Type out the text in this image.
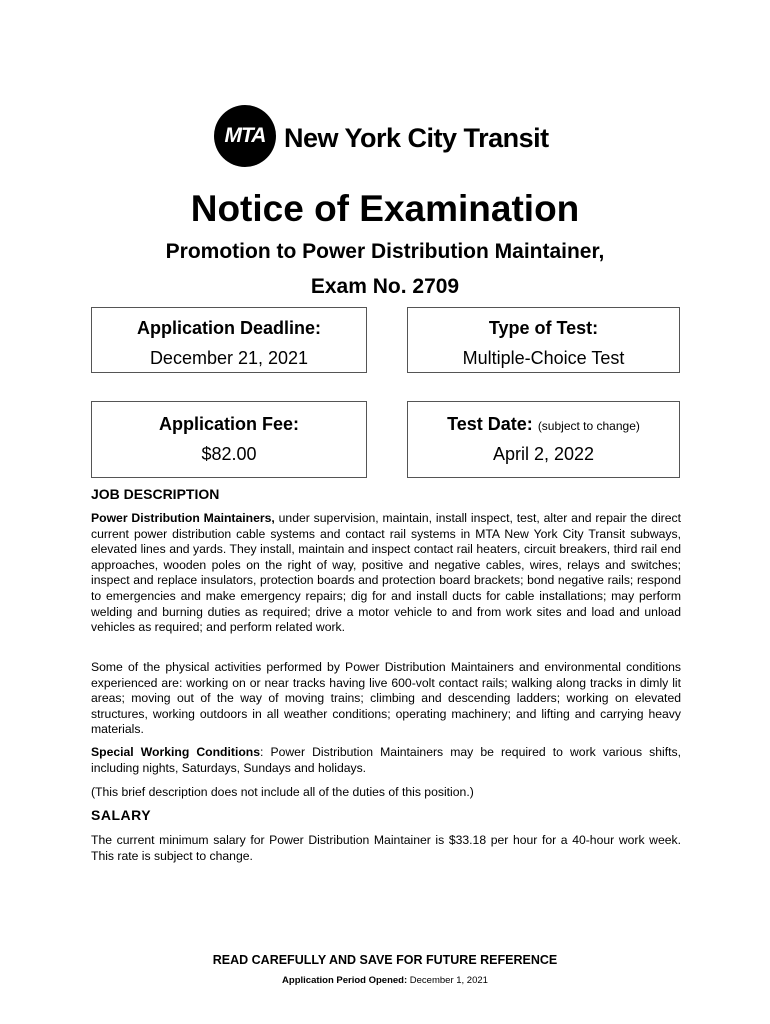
MTA New York City Transit
Notice of Examination
Promotion to Power Distribution Maintainer,
Exam No. 2709
Application Deadline:
December 21, 2021
Type of Test:
Multiple-Choice Test
Application Fee:
$82.00
Test Date: (subject to change)
April 2, 2022
JOB DESCRIPTION

Power Distribution Maintainers, under supervision, maintain, install inspect, test, alter and repair the direct current power distribution cable systems and contact rail systems in MTA New York City Transit subways, elevated lines and yards. They install, maintain and inspect contact rail heaters, circuit breakers, third rail end approaches, wooden poles on the right of way, positive and negative cables, wires, relays and switches; inspect and replace insulators, protection boards and protection board brackets; bond negative rails; respond to emergencies and make emergency repairs; dig for and install ducts for cable installations; may perform welding and burning duties as required; drive a motor vehicle to and from work sites and load and unload vehicles as required; and perform related work.

Some of the physical activities performed by Power Distribution Maintainers and environmental conditions experienced are: working on or near tracks having live 600-volt contact rails; walking along tracks in dimly lit areas; moving out of the way of moving trains; climbing and descending ladders; working on elevated structures, working outdoors in all weather conditions; operating machinery; and lifting and carrying heavy materials.

Special Working Conditions: Power Distribution Maintainers may be required to work various shifts, including nights, Saturdays, Sundays and holidays.

(This brief description does not include all of the duties of this position.)

SALARY

The current minimum salary for Power Distribution Maintainer is $33.18 per hour for a 40-hour work week. This rate is subject to change.

READ CAREFULLY AND SAVE FOR FUTURE REFERENCE
Application Period Opened: December 1, 2021
